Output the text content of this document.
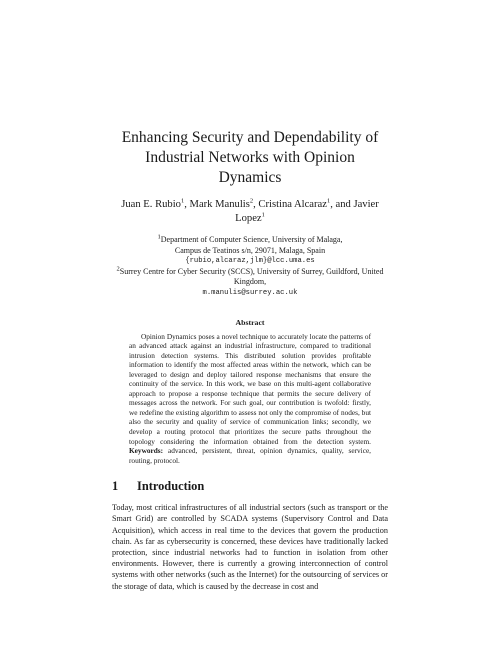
Enhancing Security and Dependability of Industrial Networks with Opinion Dynamics
Juan E. Rubio$^1$, Mark Manulis$^2$, Cristina Alcaraz$^1$, and Javier Lopez$^1$
$^1$Department of Computer Science, University of Malaga,
Campus de Teatinos s/n, 29071, Malaga, Spain
{rubio,alcaraz,jlm}@lcc.uma.es
$^2$Surrey Centre for Cyber Security (SCCS), University of Surrey, Guildford, United Kingdom,
m.manulis@surrey.ac.uk
Abstract

Opinion Dynamics poses a novel technique to accurately locate the patterns of an advanced attack against an industrial infrastructure, compared to traditional intrusion detection systems. This distributed solution provides profitable information to identify the most affected areas within the network, which can be leveraged to design and deploy tailored response mechanisms that ensure the continuity of the service. In this work, we base on this multi-agent collaborative approach to propose a response technique that permits the secure delivery of messages across the network. For such goal, our contribution is twofold: firstly, we redefine the existing algorithm to assess not only the compromise of nodes, but also the security and quality of service of communication links; secondly, we develop a routing protocol that prioritizes the secure paths throughout the topology considering the information obtained from the detection system. Keywords: advanced, persistent, threat, opinion dynamics, quality, service, routing, protocol.

1	Introduction

Today, most critical infrastructures of all industrial sectors (such as transport or the Smart Grid) are controlled by SCADA systems (Supervisory Control and Data Acquisition), which access in real time to the devices that govern the production chain. As far as cybersecurity is concerned, these devices have traditionally lacked protection, since industrial networks had to function in isolation from other environments. However, there is currently a growing interconnection of control systems with other networks (such as the Internet) for the outsourcing of services or the storage of data, which is caused by the decrease in cost and
